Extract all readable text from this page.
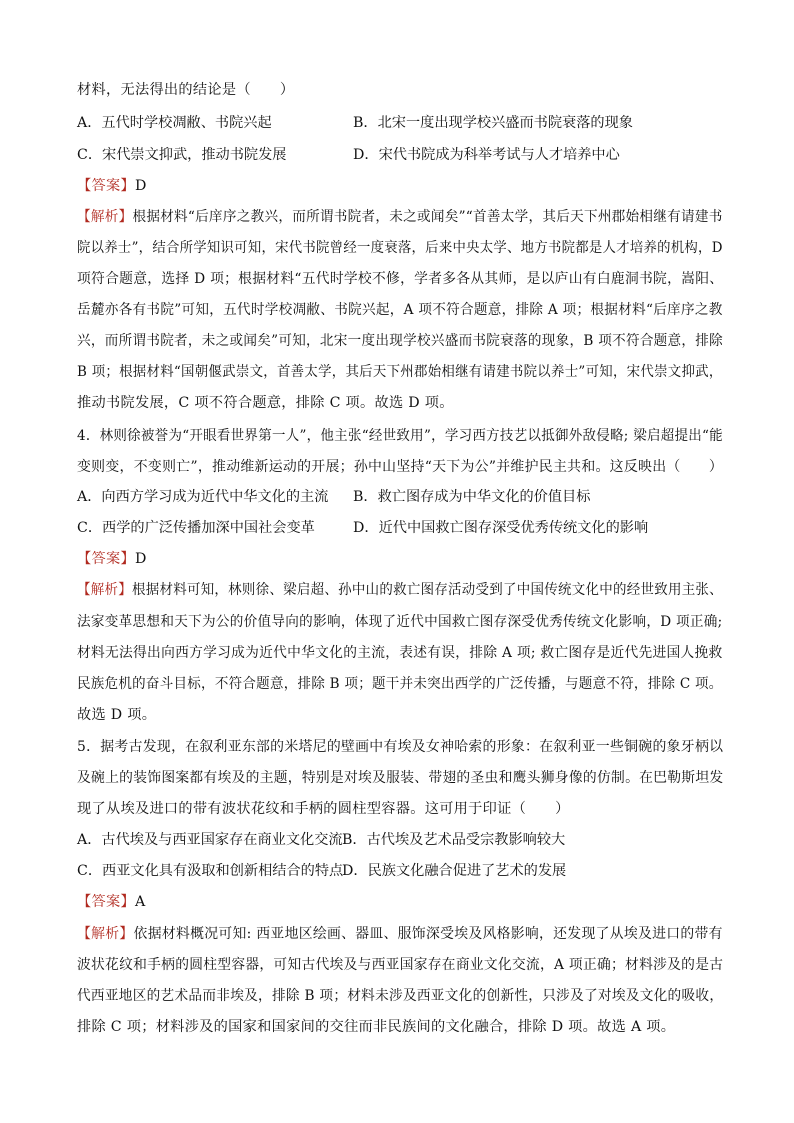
材料，无法得出的结论是（　　）
A．五代时学校凋敝、书院兴起	B．北宋一度出现学校兴盛而书院衰落的现象
C．宋代崇文抑武，推动书院发展	D．宋代书院成为科举考试与人才培养中心
【答案】D
【解析】根据材料“后庠序之教兴，而所谓书院者，未之或闻矣”“首善太学，其后天下州郡始相继有请建书
院以养士”，结合所学知识可知，宋代书院曾经一度衰落，后来中央太学、地方书院都是人才培养的机构，D
项符合题意，选择 D 项；根据材料“五代时学校不修，学者多各从其师，是以庐山有白鹿洞书院，嵩阳、
岳麓亦各有书院”可知，五代时学校凋敝、书院兴起，A 项不符合题意，排除 A 项；根据材料“后庠序之教
兴，而所谓书院者，未之或闻矣”可知，北宋一度出现学校兴盛而书院衰落的现象，B 项不符合题意，排除
B 项；根据材料“国朝偃武崇文，首善太学，其后天下州郡始相继有请建书院以养士”可知，宋代崇文抑武，
推动书院发展，C 项不符合题意，排除 C 项。故选 D 项。
4．林则徐被誉为“开眼看世界第一人”，他主张“经世致用”，学习西方技艺以抵御外敌侵略; 梁启超提出“能
变则变，不变则亡”，推动维新运动的开展；孙中山坚持“天下为公”并维护民主共和。这反映出（　　）
A．向西方学习成为近代中华文化的主流 B．救亡图存成为中华文化的价值目标
C．西学的广泛传播加深中国社会变革	D．近代中国救亡图存深受优秀传统文化的影响
【答案】D
【解析】根据材料可知，林则徐、梁启超、孙中山的救亡图存活动受到了中国传统文化中的经世致用主张、
法家变革思想和天下为公的价值导向的影响，体现了近代中国救亡图存深受优秀传统文化影响，D 项正确;
材料无法得出向西方学习成为近代中华文化的主流，表述有误，排除 A 项; 救亡图存是近代先进国人挽救
民族危机的奋斗目标，不符合题意，排除 B 项；题干并未突出西学的广泛传播，与题意不符，排除 C 项。
故选 D 项。
5．据考古发现，在叙利亚东部的米塔尼的壁画中有埃及女神哈索的形象：在叙利亚一些铜碗的象牙柄以
及碗上的装饰图案都有埃及的主题，特别是对埃及服装、带翅的圣虫和鹰头狮身像的仿制。在巴勒斯坦发
现了从埃及进口的带有波状花纹和手柄的圆柱型容器。这可用于印证（　　）
A．古代埃及与西亚国家存在商业文化交流 B．古代埃及艺术品受宗教影响较大
C．西亚文化具有汲取和创新相结合的特点
D．民族文化融合促进了艺术的发展
【答案】A
【解析】依据材料概况可知: 西亚地区绘画、器皿、服饰深受埃及风格影响，还发现了从埃及进口的带有
波状花纹和手柄的圆柱型容器，可知古代埃及与西亚国家存在商业文化交流，A 项正确；材料涉及的是古
代西亚地区的艺术品而非埃及，排除 B 项；材料未涉及西亚文化的创新性，只涉及了对埃及文化的吸收，
排除 C 项；材料涉及的国家和国家间的交往而非民族间的文化融合，排除 D 项。故选 A 项。
